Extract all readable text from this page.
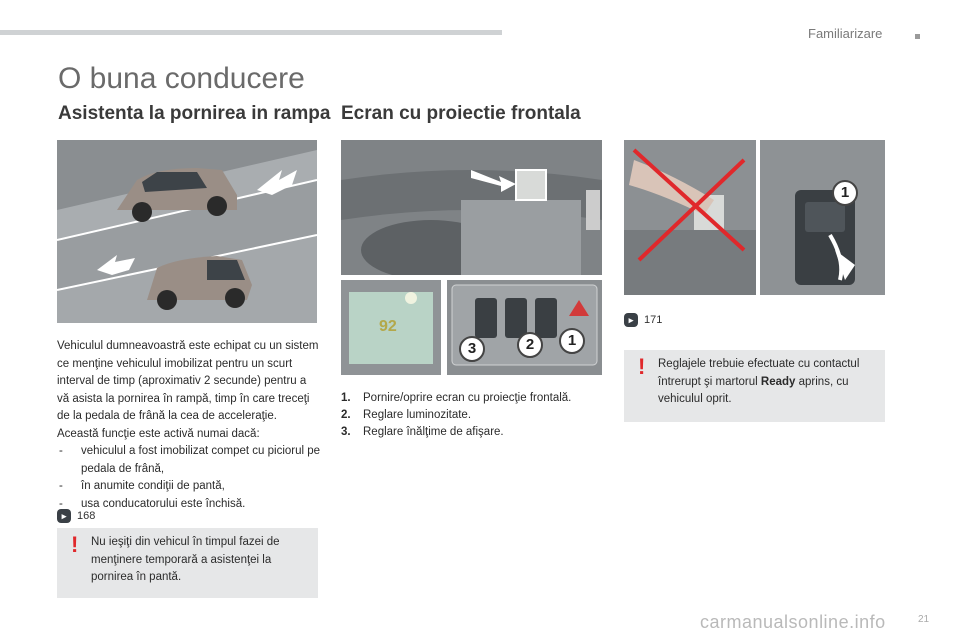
Familiarizare
O buna conducere
Asistenta la pornirea in rampa

Vehiculul dumneavoastră este echipat cu un sistem ce menţine vehiculul imobilizat pentru un scurt interval de timp (aproximativ 2 secunde) pentru a vă asista la pornirea în rampă, timp în care treceţi de la pedala de frână la cea de acceleraţie.

Această funcţie este activă numai dacă:

- vehiculul a fost imobilizat compet cu piciorul pe pedala de frână,

- în anumite condiţii de pantă,

- usa conducatorului este închisă.

▸ 168
! Nu ieşiţi din vehicul în timpul fazei de menţinere temporară a asistenţei la pornirea în pantă.
Ecran cu proiectie frontala
92
3	2	1
1.	Pornire/oprire ecran cu proiecţie frontală.
2.	Reglare luminozitate.
3.	Reglare înălţime de afişare.
1
▸ 171
! Reglajele trebuie efectuate cu contactul întrerupt şi martorul Ready aprins, cu vehiculul oprit.
carmanualsonline.info	21
